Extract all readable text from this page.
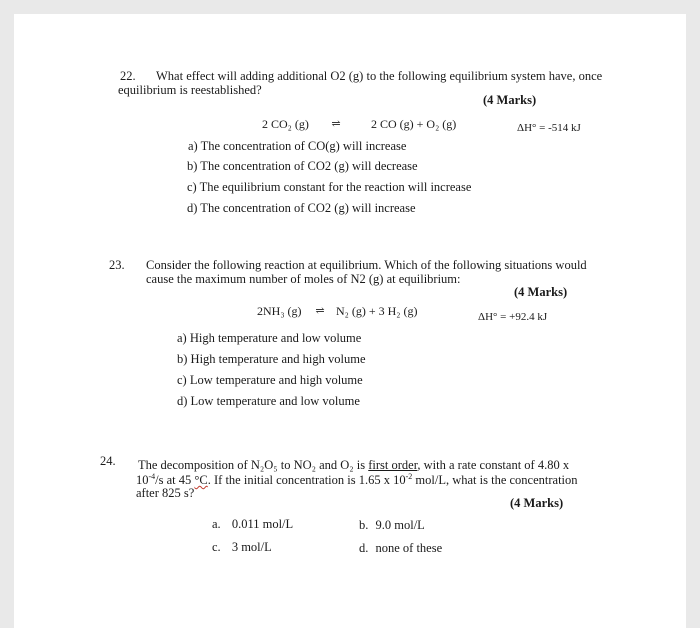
22. What effect will adding additional O2 (g) to the following equilibrium system have, once
equilibrium is reestablished?
(4 Marks)
2 CO₂ (g)	⇌	2 CO (g) + O₂ (g)	ΔH° = -514 kJ
a) The concentration of CO(g) will increase
b) The concentration of CO2 (g) will decrease
c) The equilibrium constant for the reaction will increase
d) The concentration of CO2 (g) will increase
23. Consider the following reaction at equilibrium. Which of the following situations would
cause the maximum number of moles of N2 (g) at equilibrium:
(4 Marks)
2NH₃ (g)	⇌ N₂ (g) + 3 H₂ (g)	ΔH° = +92.4 kJ
a) High temperature and low volume
b) High temperature and high volume
c) Low temperature and high volume
d) Low temperature and low volume
24. The decomposition of N₂O₅ to NO₂ and O₂ is first order, with a rate constant of 4.80 x
$10^{-4}/s$ at 45 °C. If the initial concentration is 1.65 x $10^{-2}$ mol/L, what is the concentration
after 825 s?
(4 Marks)
a. 0.011 mol/L	b. 9.0 mol/L
c. 3 mol/L	d. none of these
